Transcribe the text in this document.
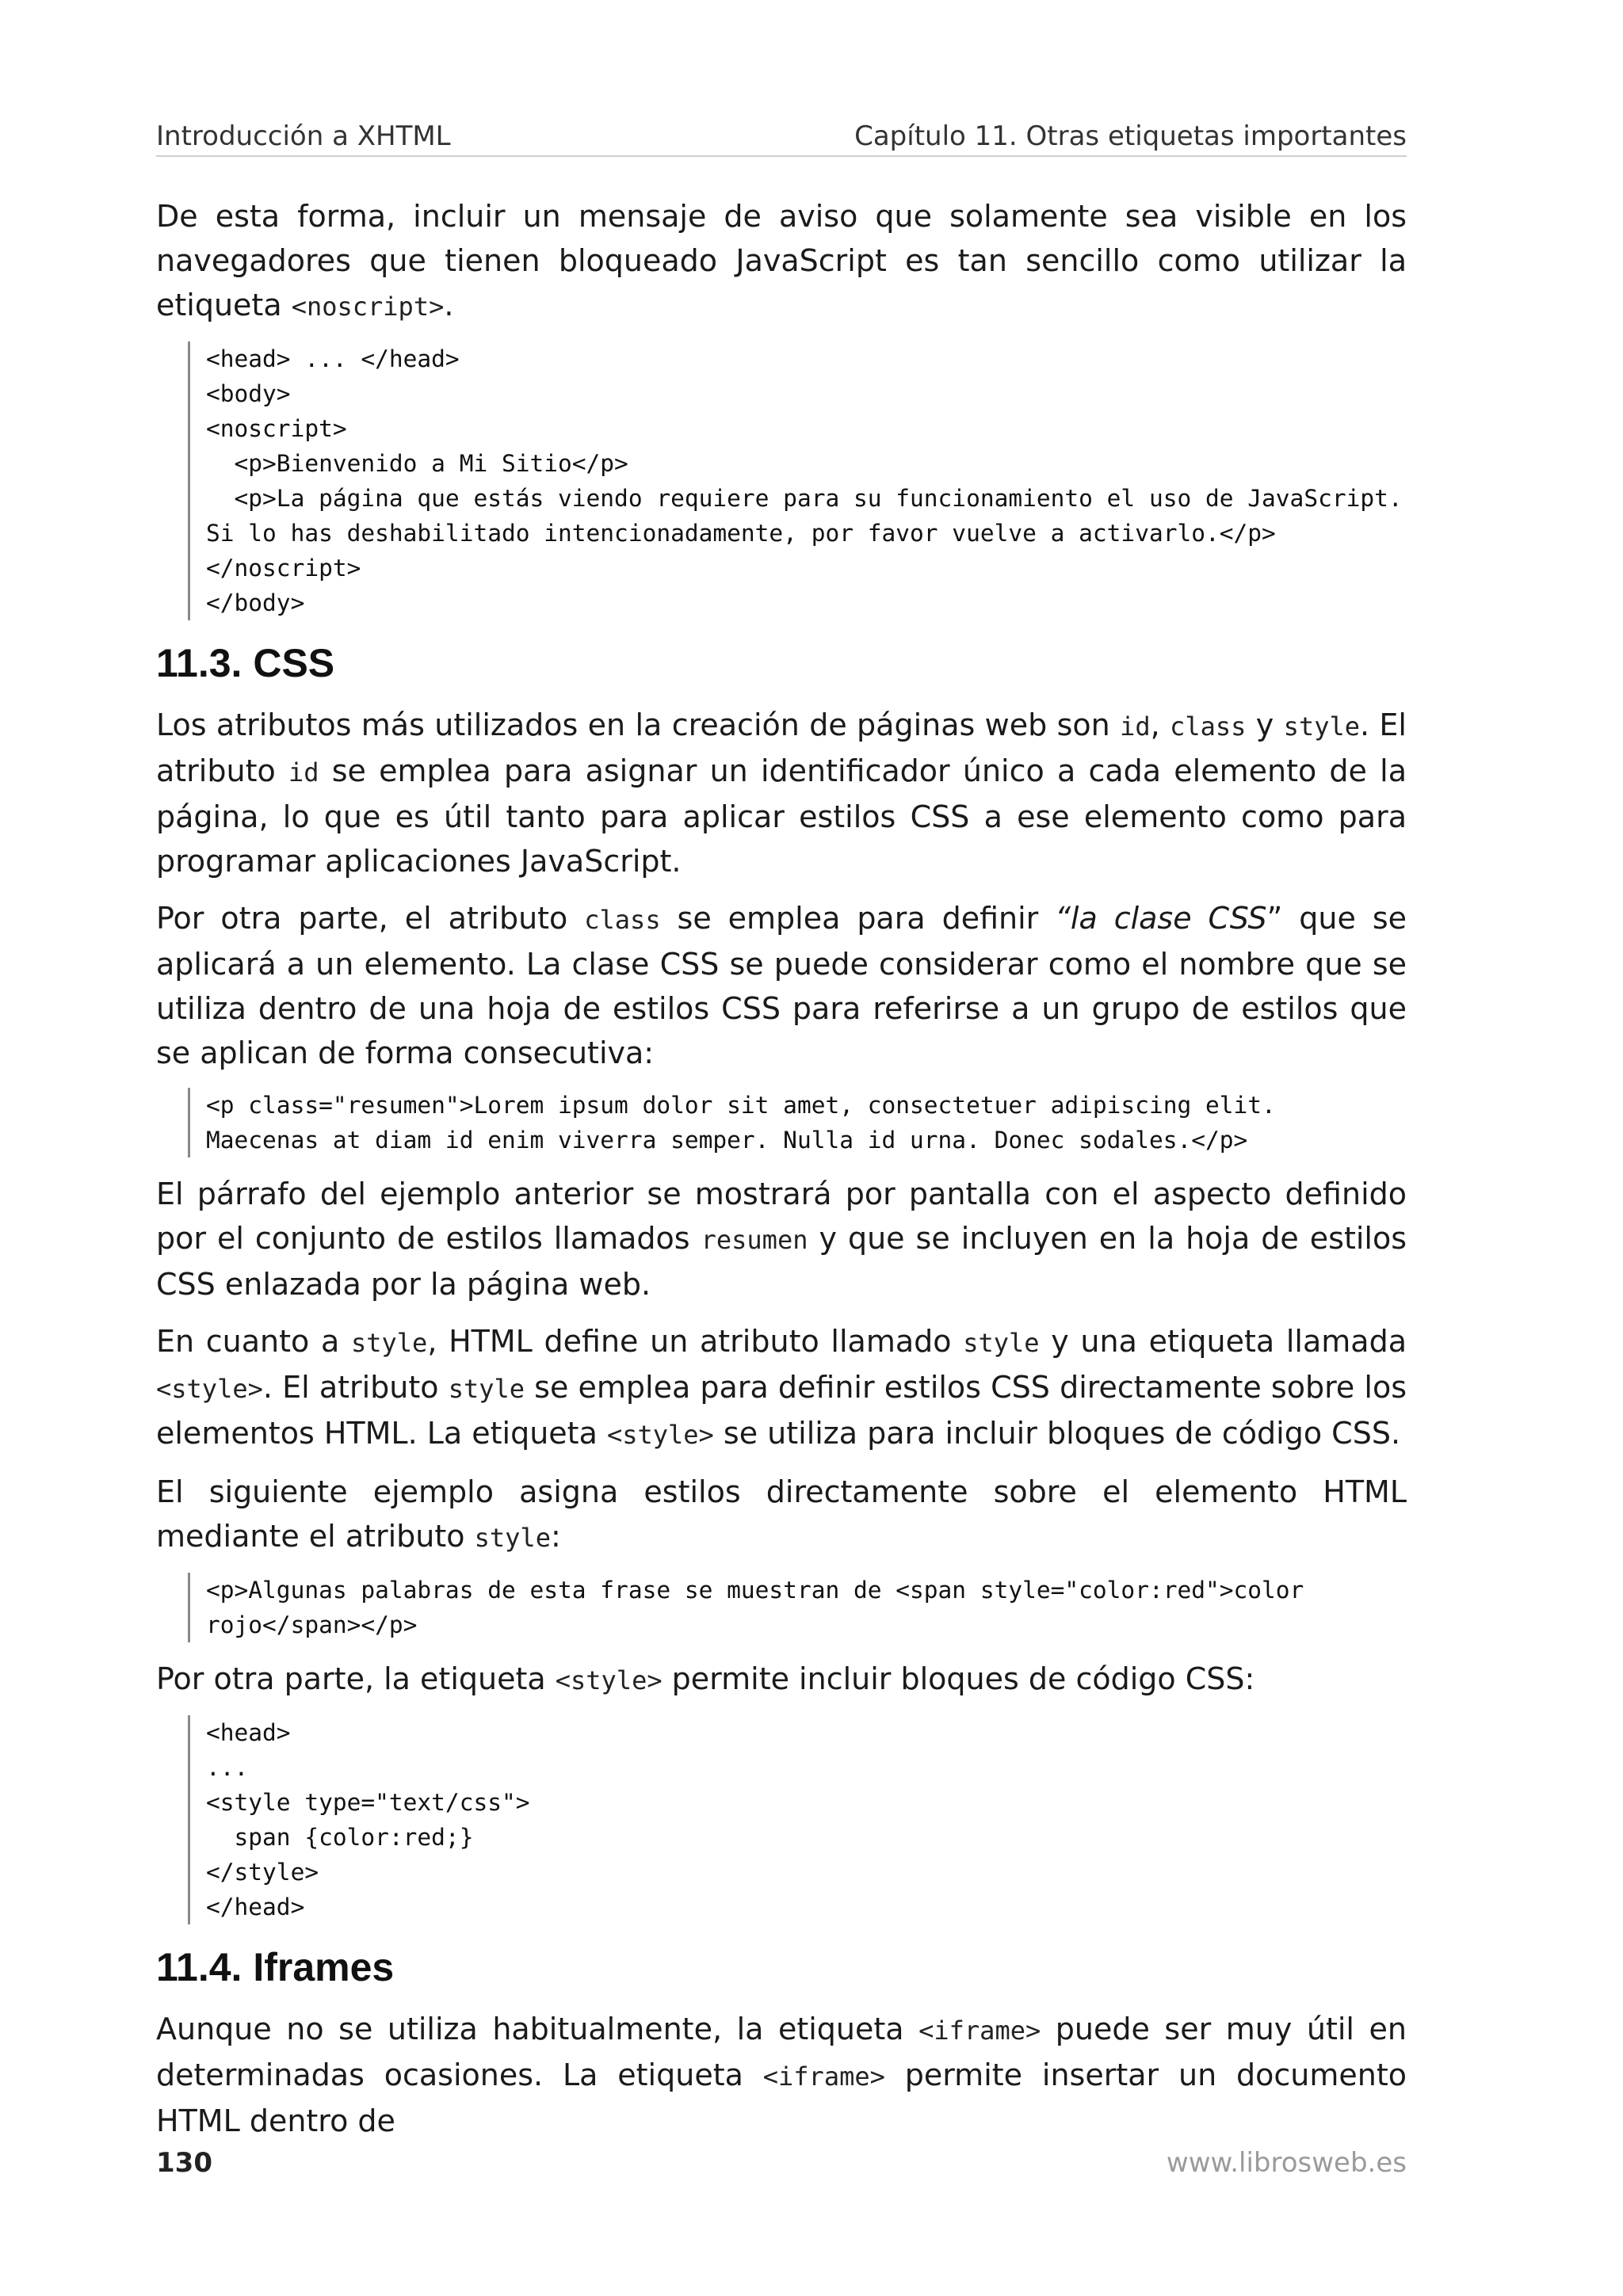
Introducción a XHTML	Capítulo 11. Otras etiquetas importantes

De esta forma, incluir un mensaje de aviso que solamente sea visible en los navegadores que tienen bloqueado JavaScript es tan sencillo como utilizar la etiqueta <noscript>.

<head> ... </head>
<body>
<noscript>
<p>Bienvenido a Mi Sitio</p>
<p>La página que estás viendo requiere para su funcionamiento el uso de JavaScript.
Si lo has deshabilitado intencionadamente, por favor vuelve a activarlo.</p>
</noscript>
</body>
11.3. CSS

Los atributos más utilizados en la creación de páginas web son id, class y style. El atributo id se emplea para asignar un identificador único a cada elemento de la página, lo que es útil tanto para aplicar estilos CSS a ese elemento como para programar aplicaciones JavaScript.

Por otra parte, el atributo class se emplea para definir “la clase CSS” que se aplicará a un elemento. La clase CSS se puede considerar como el nombre que se utiliza dentro de una hoja de estilos CSS para referirse a un grupo de estilos que se aplican de forma consecutiva:

<p class="resumen">Lorem ipsum dolor sit amet, consectetuer adipiscing elit.
Maecenas at diam id enim viverra semper. Nulla id urna. Donec sodales.</p>

El párrafo del ejemplo anterior se mostrará por pantalla con el aspecto definido por el conjunto de estilos llamados resumen y que se incluyen en la hoja de estilos CSS enlazada por la página web.

En cuanto a style, HTML define un atributo llamado style y una etiqueta llamada <style>. El atributo style se emplea para definir estilos CSS directamente sobre los elementos HTML. La etiqueta <style> se utiliza para incluir bloques de código CSS.

El siguiente ejemplo asigna estilos directamente sobre el elemento HTML mediante el atributo style:

<p>Algunas palabras de esta frase se muestran de <span style="color:red">color
rojo</span></p>

Por otra parte, la etiqueta <style> permite incluir bloques de código CSS:

<head>
...
<style type="text/css">
span {color:red;}
</style>
</head>
11.4. Iframes

Aunque no se utiliza habitualmente, la etiqueta <iframe> puede ser muy útil en determinadas ocasiones. La etiqueta <iframe> permite insertar un documento HTML dentro de

130	www.librosweb.es
